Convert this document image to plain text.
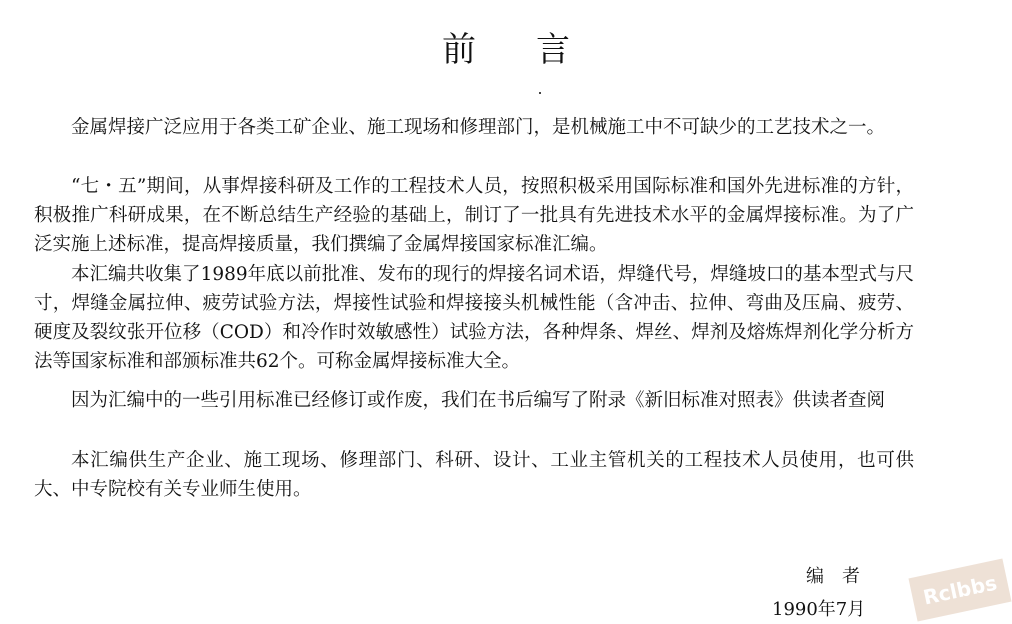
前言

金属焊接广泛应用于各类工矿企业、施工现场和修理部门，是机械施工中不可缺少的工艺技术之一。

“七・五”期间，从事焊接科研及工作的工程技术人员，按照积极采用国际标准和国外先进标准的方针，积极推广科研成果，在不断总结生产经验的基础上，制订了一批具有先进技术水平的金属焊接标准。为了广泛实施上述标准，提高焊接质量，我们撰编了金属焊接国家标准汇编。

本汇编共收集了1989年底以前批准、发布的现行的焊接名词术语，焊缝代号，焊缝坡口的基本型式与尺寸，焊缝金属拉伸、疲劳试验方法，焊接性试验和焊接接头机械性能（含冲击、拉伸、弯曲及压扁、疲劳、硬度及裂纹张开位移（COD）和冷作时效敏感性）试验方法，各种焊条、焊丝、焊剂及熔炼焊剂化学分析方法等国家标准和部颁标准共62个。可称金属焊接标准大全。

因为汇编中的一些引用标准已经修订或作废，我们在书后编写了附录《新旧标准对照表》供读者查阅

本汇编供生产企业、施工现场、修理部门、科研、设计、工业主管机关的工程技术人员使用，也可供大、中专院校有关专业师生使用。

编者
1990年7月
Rclbbs
